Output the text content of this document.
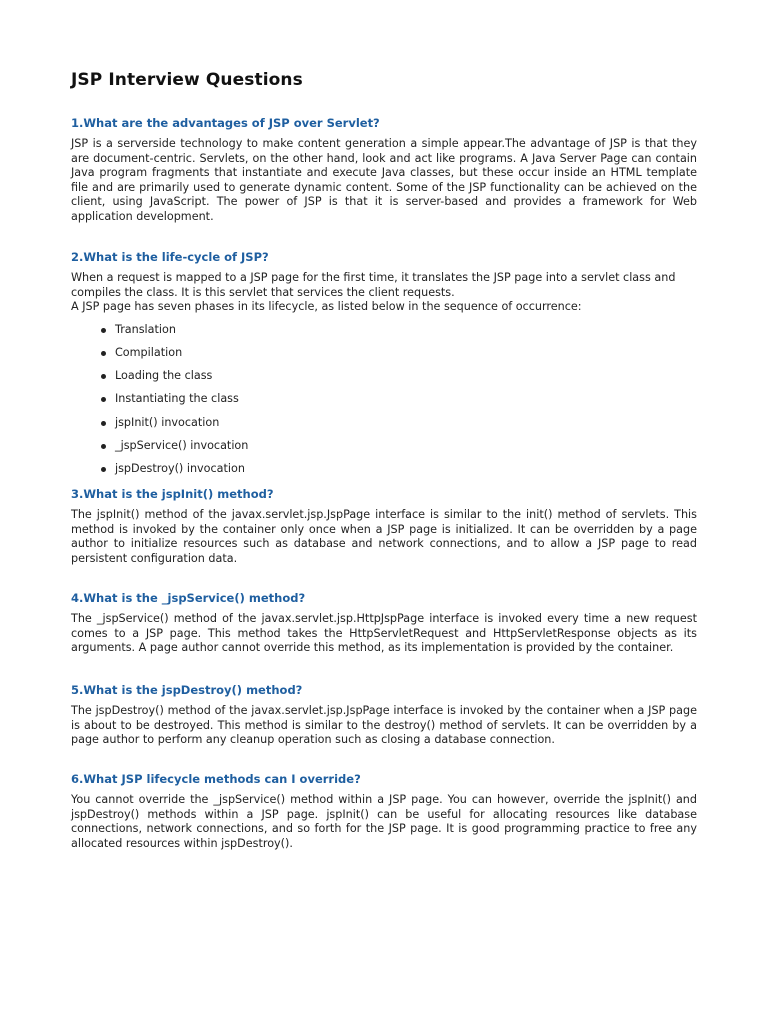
JSP Interview Questions
1.What are the advantages of JSP over Servlet?

JSP is a serverside technology to make content generation a simple appear.The advantage of JSP is that they are document-centric. Servlets, on the other hand, look and act like programs. A Java Server Page can contain Java program fragments that instantiate and execute Java classes, but these occur inside an HTML template file and are primarily used to generate dynamic content. Some of the JSP functionality can be achieved on the client, using JavaScript. The power of JSP is that it is server-based and provides a framework for Web application development.

2.What is the life-cycle of JSP?

When a request is mapped to a JSP page for the first time, it translates the JSP page into a servlet class and compiles the class. It is this servlet that services the client requests.

A JSP page has seven phases in its lifecycle, as listed below in the sequence of occurrence:

Translation
Compilation
Loading the class
Instantiating the class
jspInit() invocation
_jspService() invocation
jspDestroy() invocation
3.What is the jspInit() method?

The jspInit() method of the javax.servlet.jsp.JspPage interface is similar to the init() method of servlets. This method is invoked by the container only once when a JSP page is initialized. It can be overridden by a page author to initialize resources such as database and network connections, and to allow a JSP page to read persistent configuration data.

4.What is the _jspService() method?

The _jspService() method of the javax.servlet.jsp.HttpJspPage interface is invoked every time a new request comes to a JSP page. This method takes the HttpServletRequest and HttpServletResponse objects as its arguments. A page author cannot override this method, as its implementation is provided by the container.

5.What is the jspDestroy() method?

The jspDestroy() method of the javax.servlet.jsp.JspPage interface is invoked by the container when a JSP page is about to be destroyed. This method is similar to the destroy() method of servlets. It can be overridden by a page author to perform any cleanup operation such as closing a database connection.

6.What JSP lifecycle methods can I override?

You cannot override the _jspService() method within a JSP page. You can however, override the jspInit() and jspDestroy() methods within a JSP page. jspInit() can be useful for allocating resources like database connections, network connections, and so forth for the JSP page. It is good programming practice to free any allocated resources within jspDestroy().
